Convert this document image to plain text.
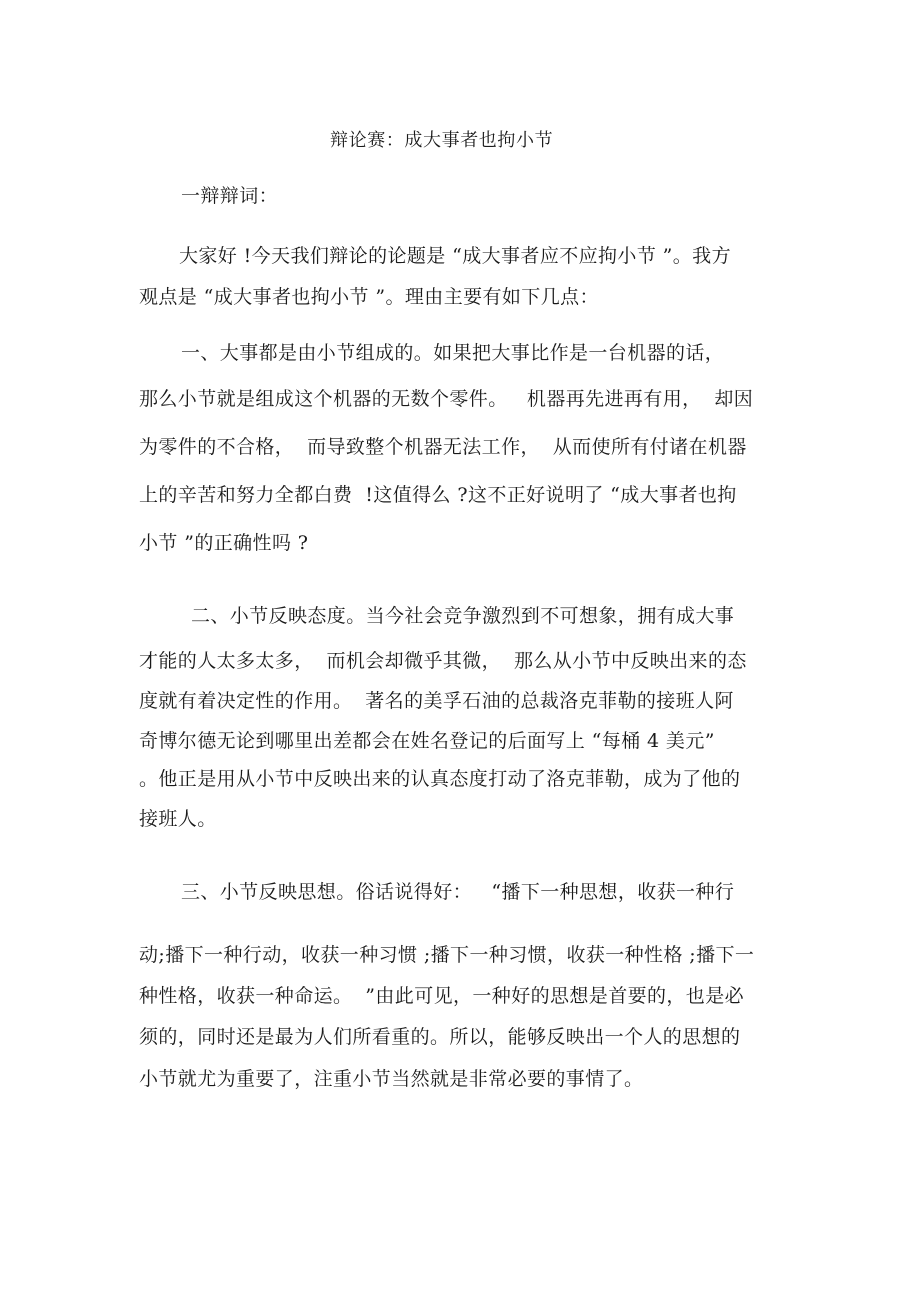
辩论赛：成大事者也拘小节
一辩辩词：
大家好 !今天我们辩论的论题是 “成大事者应不应拘小节 ”。我方
观点是 “成大事者也拘小节 ”。理由主要有如下几点：
一、大事都是由小节组成的。如果把大事比作是一台机器的话，
那么小节就是组成这个机器的无数个零件。   机器再先进再有用，  却因
为零件的不合格，  而导致整个机器无法工作，  从而使所有付诸在机器
上的辛苦和努力全都白费  !这值得么 ?这不正好说明了 “成大事者也拘
小节 ”的正确性吗 ?
二、小节反映态度。当今社会竞争激烈到不可想象，拥有成大事
才能的人太多太多，  而机会却微乎其微，  那么从小节中反映出来的态
度就有着决定性的作用。  著名的美孚石油的总裁洛克菲勒的接班人阿
奇博尔德无论到哪里出差都会在姓名登记的后面写上 “每桶 4 美元”
。他正是用从小节中反映出来的认真态度打动了洛克菲勒，成为了他的
接班人。
三、小节反映思想。俗话说得好：   “播下一种思想，收获一种行
动;播下一种行动，收获一种习惯 ;播下一种习惯，收获一种性格 ;播下一
种性格，收获一种命运。  ”由此可见，一种好的思想是首要的，也是必
须的，同时还是最为人们所看重的。所以，能够反映出一个人的思想的
小节就尤为重要了，注重小节当然就是非常必要的事情了。
